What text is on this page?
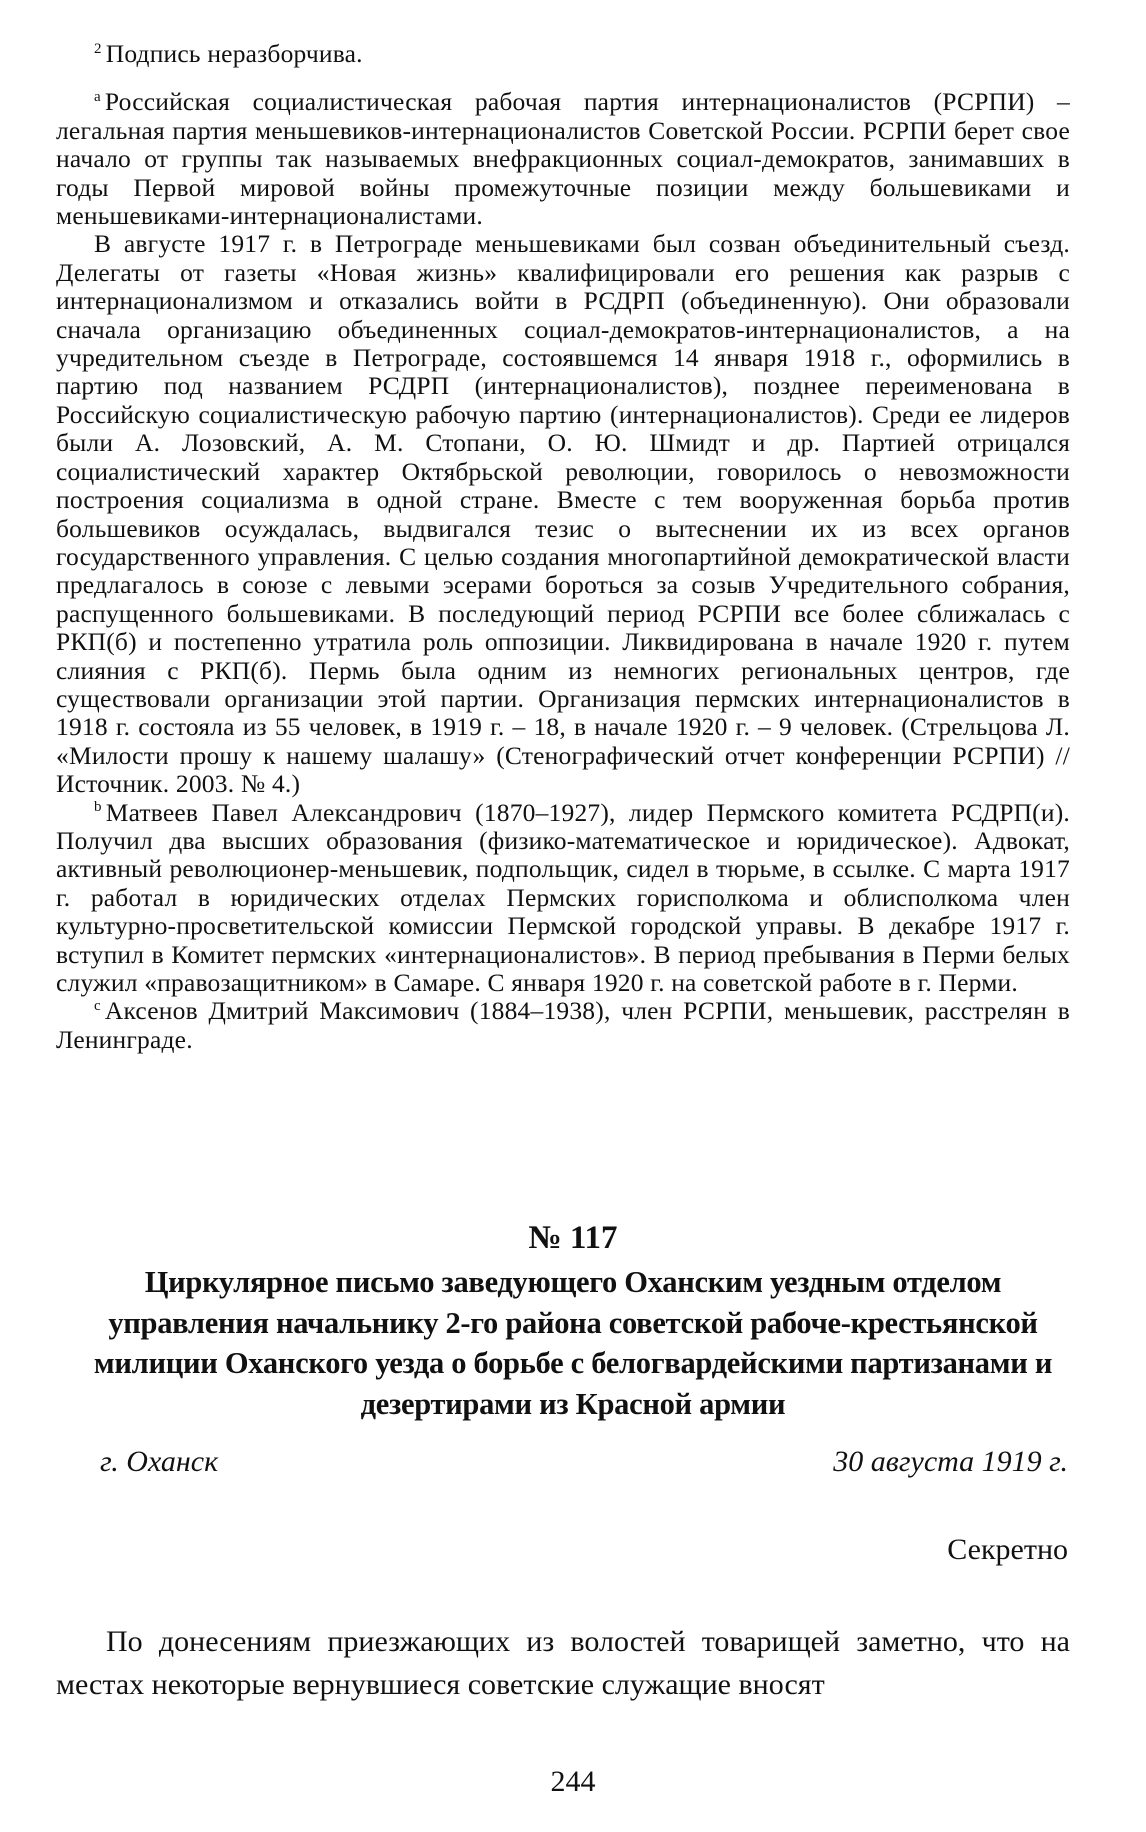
$^2$ Подпись неразборчива.

$^a$ Российская социалистическая рабочая партия интернационалистов (РСРПИ) – легальная партия меньшевиков-интернационалистов Советской России. РСРПИ берет свое начало от группы так называемых внефракционных социал-демократов, занимавших в годы Первой мировой войны промежуточные позиции между большевиками и меньшевиками-интернационалистами.

В августе 1917 г. в Петрограде меньшевиками был созван объединительный съезд. Делегаты от газеты «Новая жизнь» квалифицировали его решения как разрыв с интернационализмом и отказались войти в РСДРП (объединенную). Они образовали сначала организацию объединенных социал-демократов-интернационалистов, а на учредительном съезде в Петрограде, состоявшемся 14 января 1918 г., оформились в партию под названием РСДРП (интернационалистов), позднее переименована в Российскую социалистическую рабочую партию (интернационалистов). Среди ее лидеров были А. Лозовский, А. М. Стопани, О. Ю. Шмидт и др. Партией отрицался социалистический характер Октябрьской революции, говорилось о невозможности построения социализма в одной стране. Вместе с тем вооруженная борьба против большевиков осуждалась, выдвигался тезис о вытеснении их из всех органов государственного управления. С целью создания многопартийной демократической власти предлагалось в союзе с левыми эсерами бороться за созыв Учредительного собрания, распущенного большевиками. В последующий период РСРПИ все более сближалась с РКП(б) и постепенно утратила роль оппозиции. Ликвидирована в начале 1920 г. путем слияния с РКП(б). Пермь была одним из немногих региональных центров, где существовали организации этой партии. Организация пермских интернационалистов в 1918 г. состояла из 55 человек, в 1919 г. – 18, в начале 1920 г. – 9 человек. (Стрельцова Л. «Милости прошу к нашему шалашу» (Стенографический отчет конференции РСРПИ) // Источник. 2003. № 4.)

$^b$ Матвеев Павел Александрович (1870–1927), лидер Пермского комитета РСДРП(и). Получил два высших образования (физико-математическое и юридическое). Адвокат, активный революционер-меньшевик, подпольщик, сидел в тюрьме, в ссылке. С марта 1917 г. работал в юридических отделах Пермских горисполкома и облисполкома член культурно-просветительской комиссии Пермской городской управы. В декабре 1917 г. вступил в Комитет пермских «интернационалистов». В период пребывания в Перми белых служил «правозащитником» в Самаре. С января 1920 г. на советской работе в г. Перми.

$^c$ Аксенов Дмитрий Максимович (1884–1938), член РСРПИ, меньшевик, расстрелян в Ленинграде.

№ 117
Циркулярное письмо заведующего Оханским уездным отделом управления начальнику 2-го района советской рабоче-крестьянской милиции Оханского уезда о борьбе с белогвардейскими партизанами и дезертирами из Красной армии
г. Оханск	30 августа 1919 г.
Секретно

По донесениям приезжающих из волостей товарищей заметно, что на местах некоторые вернувшиеся советские служащие вносят

244
